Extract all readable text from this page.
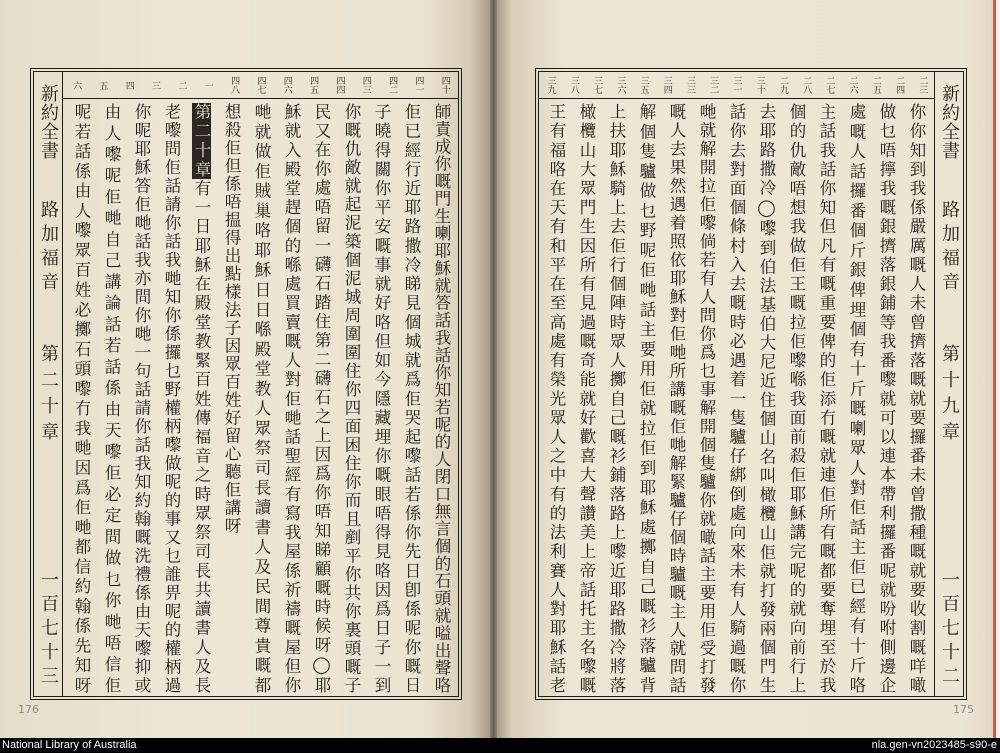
新約全書
路加福音
第二十章
一百七十三
四十
四一
四二
四三
四四
四五
四六
四七
四八
一
二
三
四
五
六
師責成你嘅門生喇耶穌就答話我話你知若呢的人閉口無言個的石頭就嗌出聲咯
佢已經行近耶路撒冷睇見個城就爲佢哭起嚟話若係你先日卽係呢你嘅日
子曉得關你平安嘅事就好咯但如今隱藏埋你嘅眼唔得見咯因爲日子一到
你嘅仇敵就起泥築個泥城周圍圍住你四面困住你而且剷平你共你裏頭嘅子
民又在你處唔留一礴石踏住第二礴石之上因爲你唔知睇顧嘅時候呀◯耶
穌就入殿堂趕個的喺處買賣嘅人對佢哋話聖經有寫我屋係祈禱嘅屋但你
哋就做佢賊巢咯耶穌日日喺殿堂教人眾祭司長讀書人及民間尊貴嘅都
想殺佢但係唔揾得出點樣法子因眾百姓好留心聽佢講呀
第二十章有一日耶穌在殿堂教緊百姓傳福音之時眾祭司長共讀書人及長
老嚟問佢話請你話我哋知你係攞乜野權柄嚟做呢的事又乜誰畀呢的權柄過
你呢耶穌答佢哋話我亦問你哋一句話請你話我知約翰嘅洗禮係由天嚟抑或
由人嚟呢佢哋自己講論話若話係由天嚟佢必定問做乜你哋唔信佢
呢若話係由人嚟眾百姓必擲石頭嚟冇我哋因爲佢哋都信約翰係先知呀
176
新約全書
路加福音
第十九章
一百七十二
二三
二四
二五
二六
二七
二八
二九
三十
三一
三二
三三
三四
三五
三六
三七
三八
三九
你你知到我係嚴厲嘅人未曾擠落嘅就要攞番未曾撒種嘅就要收割嘅咩噉
做乜唔擰我嘅銀擠落銀鋪等我番嚟就可以連本帶利攞番呢就吩咐側邊企
處嘅人話攞番個斤銀俾埋個有十斤嘅喇眾人對佢話主佢已經有十斤咯
主話我話你知但凡有嘅重要俾的佢添冇嘅就連佢所有嘅都要奪埋至於我
個的仇敵唔想我做佢王嘅拉佢嚟喺我面前殺佢耶穌講完呢的就向前行上
去耶路撒冷◯嚟到伯法基伯大尼近住個山名叫橄欖山佢就打發兩個門生
話你去對面個條村入去嘅時必遇着一隻驢仔綁倒處向來未有人騎過嘅你
哋就解開拉佢嚟倘若有人問你爲乜事解開個隻驢你就噉話主要用佢受打發
嘅人去果然遇着照依耶穌對佢哋所講嘅佢哋解緊驢仔個時驢嘅主人就問話
解個隻驢做乜野呢佢哋話主要用佢就拉佢到耶穌處擲自己嘅衫落驢背
上扶耶穌騎上去佢行個陣時眾人擲自己嘅衫鋪落路上嚟近耶路撒冷將落
橄欖山大眾門生因所有見過嘅奇能就好歡喜大聲讚美上帝話托主名嚟嘅
王有福咯在天有和平在至高處有榮光眾人之中有的法利賽人對耶穌話老
175
National Library of Australia	nla.gen-vn2023485-s90-e
